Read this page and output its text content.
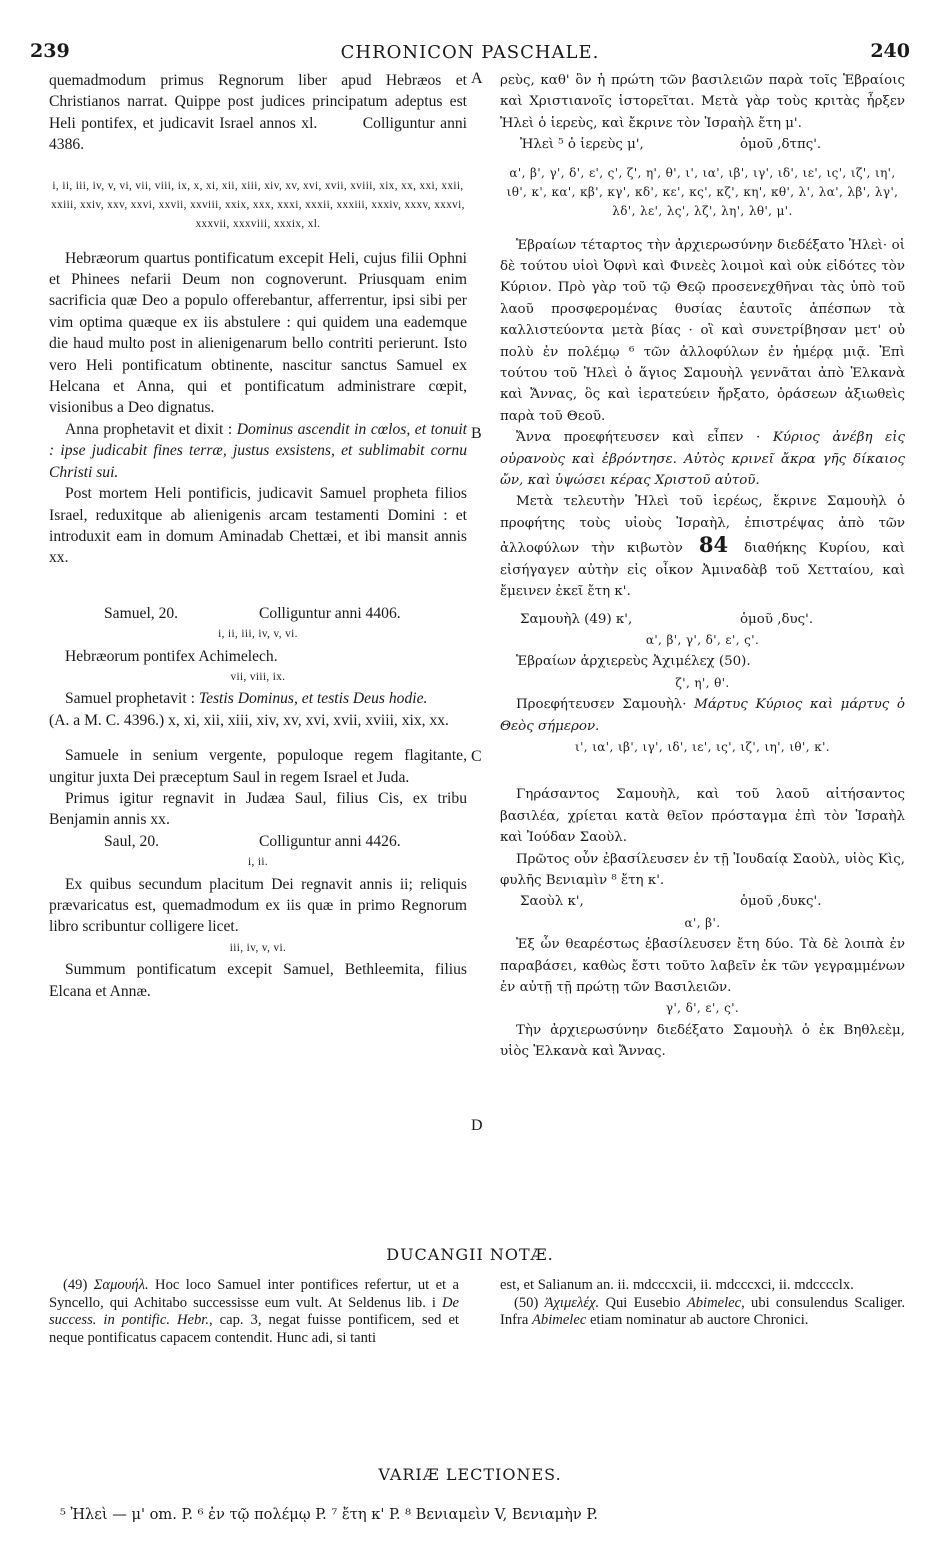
239	CHRONICON PASCHALE.	240
A
B
C
D

quemadmodum primus Regnorum liber apud Hebræos et Christianos narrat. Quippe post judices principatum adeptus est Heli pontifex, et judicavit Israel annos xl.	Colliguntur anni 4386.

i, ii, iii, iv, v, vi, vii, viii, ix, x, xi, xii, xiii, xiv, xv, xvi, xvii, xviii, xix, xx, xxi, xxii, xxiii, xxiv, xxv, xxvi, xxvii, xxviii, xxix, xxx, xxxi, xxxii, xxxiii, xxxiv, xxxv, xxxvi, xxxvii, xxxviii, xxxix, xl.

Hebræorum quartus pontificatum excepit Heli, cujus filii Ophni et Phinees nefarii Deum non cognoverunt. Priusquam enim sacrificia quæ Deo a populo offerebantur, afferrentur, ipsi sibi per vim optima quæque ex iis abstulere : qui quidem una eademque die haud multo post in alienigenarum bello contriti perierunt. Isto vero Heli pontificatum obtinente, nascitur sanctus Samuel ex Helcana et Anna, qui et pontificatum administrare cœpit, visionibus a Deo dignatus.

Anna prophetavit et dixit : Dominus ascendit in cœlos, et tonuit : ipse judicabit fines terræ, justus exsistens, et sublimabit cornu Christi sui.

Post mortem Heli pontificis, judicavit Samuel propheta filios Israel, reduxitque ab alienigenis arcam testamenti Domini : et introduxit eam in domum Aminadab Chettæi, et ibi mansit annis xx.

Samuel, 20.	Colliguntur anni 4406.

i, ii, iii, iv, v, vi.

Hebræorum pontifex Achimelech.

vii, viii, ix.

Samuel prophetavit : Testis Dominus, et testis Deus hodie.

(A. a M. C. 4396.) x, xi, xii, xiii, xiv, xv, xvi, xvii, xviii, xix, xx.

Samuele in senium vergente, populoque regem flagitante, ungitur juxta Dei præceptum Saul in regem Israel et Juda.

Primus igitur regnavit in Judæa Saul, filius Cis, ex tribu Benjamin annis xx.

Saul, 20.	Colliguntur anni 4426.

i, ii.

Ex quibus secundum placitum Dei regnavit annis ii; reliquis prævaricatus est, quemadmodum ex iis quæ in primo Regnorum libro scribuntur colligere licet.

iii, iv, v, vi.

Summum pontificatum excepit Samuel, Bethleemita, filius Elcana et Annæ.

ρεὺς, καθ' ὃν ἡ πρώτη τῶν βασιλειῶν παρὰ τοῖς Ἑβραίοις καὶ Χριστιανοῖς ἱστορεῖται. Μετὰ γὰρ τοὺς κριτὰς ἦρξεν Ἠλεὶ ὁ ἱερεὺς, καὶ ἔκρινε τὸν Ἰσραὴλ ἔτη μ'.

Ἠλεὶ ⁵ ὁ ἱερεὺς μ',	ὁμοῦ ,δτπς'.

α', β', γ', δ', ε', ς', ζ', η', θ', ι', ια', ιβ', ιγ', ιδ', ιε', ις', ιζ', ιη', ιθ', κ', κα', κβ', κγ', κδ', κε', κς', κζ', κη', κθ', λ', λα', λβ', λγ', λδ', λε', λς', λζ', λη', λθ', μ'.

Ἑβραίων τέταρτος τὴν ἀρχιερωσύνην διεδέξατο Ἠλεὶ· οἱ δὲ τούτου υἱοὶ Ὀφνὶ καὶ Φινεὲς λοιμοὶ καὶ οὐκ εἰδότες τὸν Κύριον. Πρὸ γὰρ τοῦ τῷ Θεῷ προσενεχθῆναι τὰς ὑπὸ τοῦ λαοῦ προσφερομένας θυσίας ἑαυτοῖς ἀπέσπων τὰ καλλιστεύοντα μετὰ βίας · οἳ καὶ συνετρίβησαν μετ' οὐ πολὺ ἐν πολέμῳ ⁶ τῶν ἀλλοφύλων ἐν ἡμέρᾳ μιᾷ. Ἐπὶ τούτου τοῦ Ἠλεὶ ὁ ἅγιος Σαμουὴλ γεννᾶται ἀπὸ Ἐλκανὰ καὶ Ἄννας, ὃς καὶ ἱερατεύειν ἤρξατο, ὁράσεων ἀξιωθεὶς παρὰ τοῦ Θεοῦ.

Ἄννα προεφήτευσεν καὶ εἶπεν · Κύριος ἀνέβη εἰς οὐρανοὺς καὶ ἐβρόντησε. Αὐτὸς κρινεῖ ἄκρα γῆς δίκαιος ὤν, καὶ ὑψώσει κέρας Χριστοῦ αὐτοῦ.

Μετὰ τελευτὴν Ἠλεὶ τοῦ ἱερέως, ἔκρινε Σαμουὴλ ὁ προφήτης τοὺς υἱοὺς Ἰσραὴλ, ἐπιστρέψας ἀπὸ τῶν ἀλλοφύλων τὴν κιβωτὸν 84 διαθήκης Κυρίου, καὶ εἰσήγαγεν αὐτὴν εἰς οἶκον Ἀμιναδὰβ τοῦ Χετταίου, καὶ ἔμεινεν ἐκεῖ ἔτη κ'.

Σαμουὴλ (49) κ',	ὁμοῦ ,δυς'.

α', β', γ', δ', ε', ς'.

Ἑβραίων ἀρχιερεὺς Ἀχιμέλεχ (50).

ζ', η', θ'.

Προεφήτευσεν Σαμουὴλ· Μάρτυς Κύριος καὶ μάρτυς ὁ Θεὸς σήμερον.

ι', ια', ιβ', ιγ', ιδ', ιε', ις', ιζ', ιη', ιθ', κ'.

Γηράσαντος Σαμουὴλ, καὶ τοῦ λαοῦ αἰτήσαντος βασιλέα, χρίεται κατὰ θεῖον πρόσταγμα ἐπὶ τὸν Ἰσραὴλ καὶ Ἰούδαν Σαοὺλ.

Πρῶτος οὖν ἐβασίλευσεν ἐν τῇ Ἰουδαίᾳ Σαοὺλ, υἱὸς Κὶς, φυλῆς Βενιαμὶν ⁸ ἔτη κ'.

Σαοὺλ κ',	ὁμοῦ ,δυκς'.

α', β'.

Ἐξ ὧν θεαρέστως ἐβασίλευσεν ἔτη δύο. Τὰ δὲ λοιπὰ ἐν παραβάσει, καθὼς ἔστι τοῦτο λαβεῖν ἐκ τῶν γεγραμμένων ἐν αὐτῇ τῇ πρώτῃ τῶν Βασιλειῶν.

γ', δ', ε', ς'.

Τὴν ἀρχιερωσύνην διεδέξατο Σαμουὴλ ὁ ἐκ Βηθλεὲμ, υἱὸς Ἐλκανὰ καὶ Ἄννας.

DUCANGII NOTÆ.
(49) Σαμουήλ. Hoc loco Samuel inter pontifices refertur, ut et a Syncello, qui Achitabo successisse eum vult. At Seldenus lib. i De success. in pontific. Hebr., cap. 3, negat fuisse pontificem, sed et neque pontificatus capacem contendit. Hunc adi, si tanti
est, et Salianum an. ii. mdcccxcii, ii. mdcccxci, ii. mdcccclx.
(50) Ἀχιμελέχ. Qui Eusebio Abimelec, ubi consulendus Scaliger. Infra Abimelec etiam nominatur ab auctore Chronici.
VARIÆ LECTIONES.
⁵ Ἠλεὶ — μ' om. P. ⁶ ἐν τῷ πολέμῳ P. ⁷ ἔτη κ' P. ⁸ Βενιαμεὶν V, Βενιαμὴν P.
